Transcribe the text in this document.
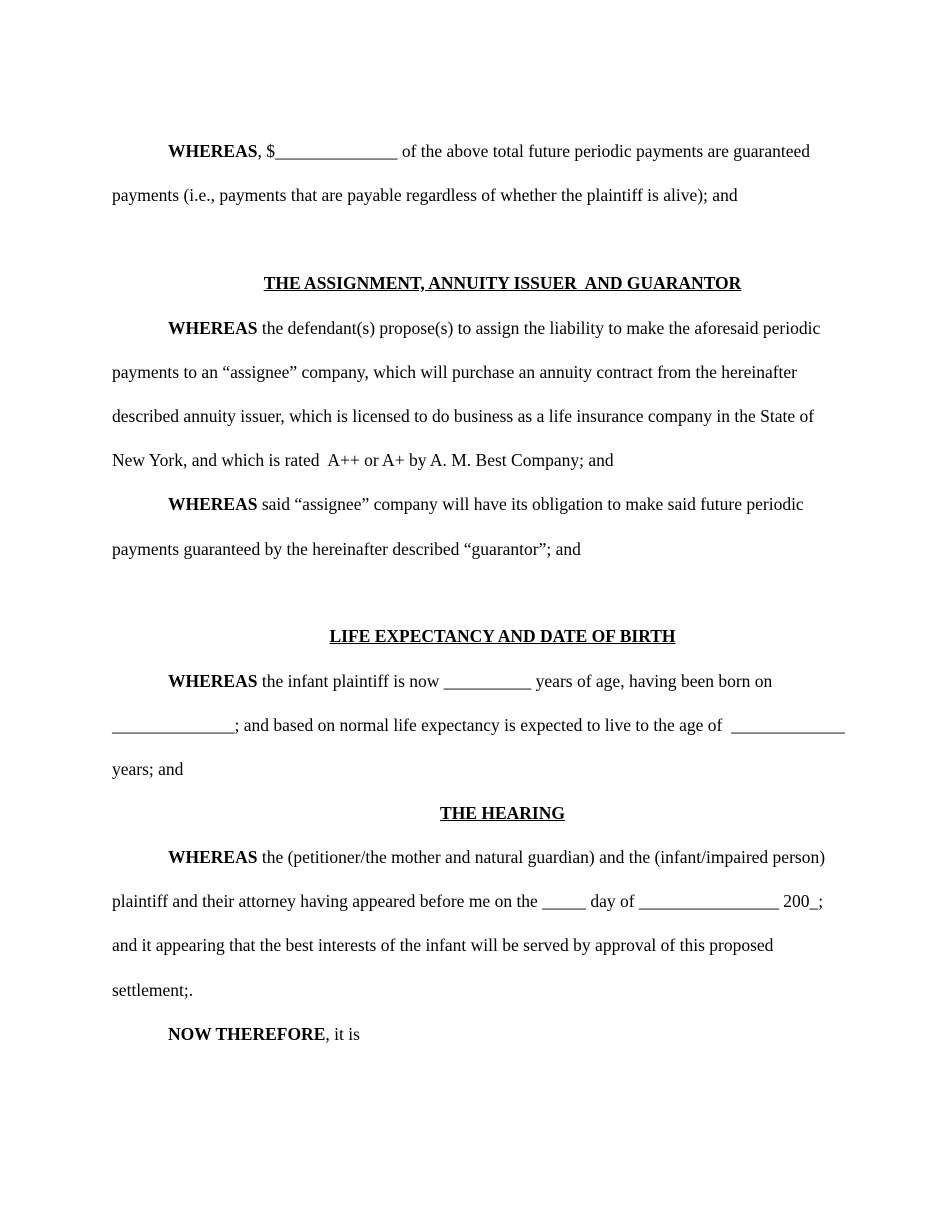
WHEREAS, $______________ of the above total future periodic payments are guaranteed
payments (i.e., payments that are payable regardless of whether the plaintiff is alive); and
THE ASSIGNMENT, ANNUITY ISSUER  AND GUARANTOR
WHEREAS the defendant(s) propose(s) to assign the liability to make the aforesaid periodic
payments to an “assignee” company, which will purchase an annuity contract from the hereinafter
described annuity issuer, which is licensed to do business as a life insurance company in the State of
New York, and which is rated  A++ or A+ by A. M. Best Company; and
WHEREAS said “assignee” company will have its obligation to make said future periodic
payments guaranteed by the hereinafter described “guarantor”; and
LIFE EXPECTANCY AND DATE OF BIRTH
WHEREAS the infant plaintiff is now __________ years of age, having been born on
______________; and based on normal life expectancy is expected to live to the age of  _____________
years; and
THE HEARING
WHEREAS the (petitioner/the mother and natural guardian) and the (infant/impaired person)
plaintiff and their attorney having appeared before me on the _____ day of ________________ 200_;
and it appearing that the best interests of the infant will be served by approval of this proposed
settlement;.
NOW THEREFORE, it is
